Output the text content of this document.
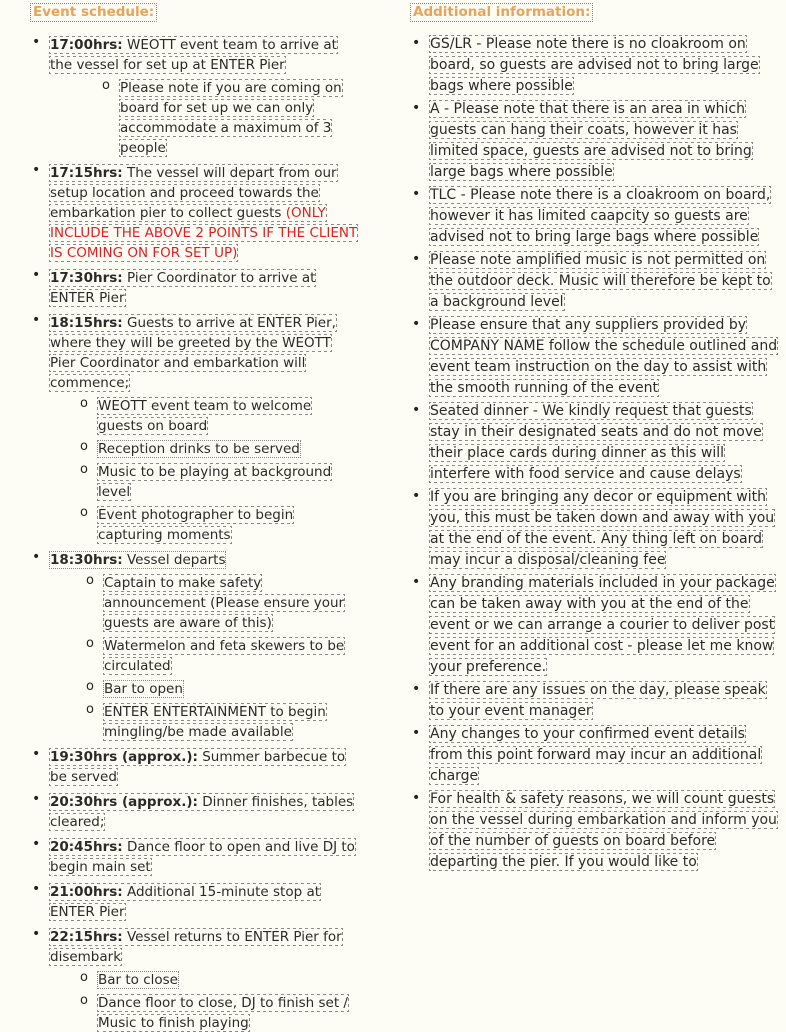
Event schedule:
• 17:00hrs: WEOTT event team to arrive at the vessel for set up at ENTER Pier
o Please note if you are coming on board for set up we can only accommodate a maximum of 3 people
• 17:15hrs: The vessel will depart from our setup location and proceed towards the embarkation pier to collect guests (ONLY INCLUDE THE ABOVE 2 POINTS IF THE CLIENT IS COMING ON FOR SET UP)
• 17:30hrs: Pier Coordinator to arrive at ENTER Pier
• 18:15hrs: Guests to arrive at ENTER Pier, where they will be greeted by the WEOTT Pier Coordinator and embarkation will commence;
o WEOTT event team to welcome guests on board
o Reception drinks to be served
o Music to be playing at background level
o Event photographer to begin capturing moments
• 18:30hrs: Vessel departs
o Captain to make safety announcement (Please ensure your guests are aware of this)
o Watermelon and feta skewers to be circulated
o Bar to open
o ENTER ENTERTAINMENT to begin mingling/be made available
• 19:30hrs (approx.): Summer barbecue to be served
• 20:30hrs (approx.): Dinner finishes, tables cleared;
• 20:45hrs: Dance floor to open and live DJ to begin main set
• 21:00hrs: Additional 15-minute stop at ENTER Pier
• 22:15hrs: Vessel returns to ENTER Pier for disembark
o Bar to close
o Dance floor to close, DJ to finish set / Music to finish playing
Additional information:
• GS/LR - Please note there is no cloakroom on board, so guests are advised not to bring large bags where possible
• A - Please note that there is an area in which guests can hang their coats, however it has limited space, guests are advised not to bring large bags where possible
• TLC - Please note there is a cloakroom on board, however it has limited caapcity so guests are advised not to bring large bags where possible
• Please note amplified music is not permitted on the outdoor deck. Music will therefore be kept to a background level
• Please ensure that any suppliers provided by COMPANY NAME follow the schedule outlined and event team instruction on the day to assist with the smooth running of the event
• Seated dinner - We kindly request that guests stay in their designated seats and do not move their place cards during dinner as this will interfere with food service and cause delays
• If you are bringing any decor or equipment with you, this must be taken down and away with you at the end of the event. Any thing left on board may incur a disposal/cleaning fee
• Any branding materials included in your package can be taken away with you at the end of the event or we can arrange a courier to deliver post event for an additional cost - please let me know your preference.
• If there are any issues on the day, please speak to your event manager
• Any changes to your confirmed event details from this point forward may incur an additional charge
• For health & safety reasons, we will count guests on the vessel during embarkation and inform you of the number of guests on board before departing the pier. If you would like to
